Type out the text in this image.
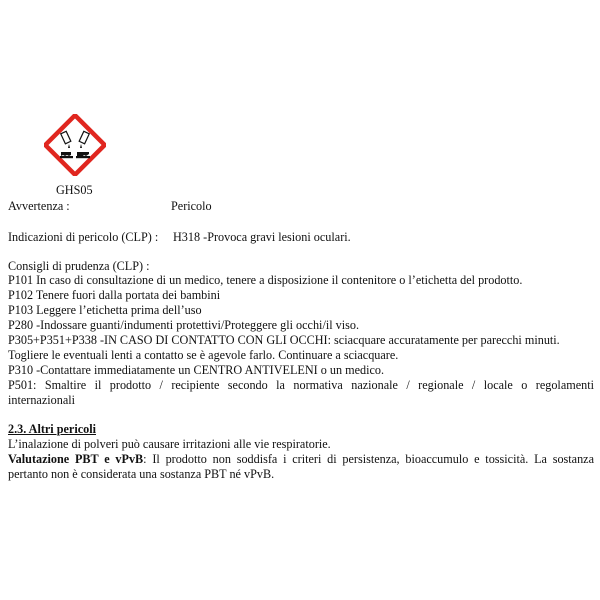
GHS05
Avvertenza :	Pericolo
Indicazioni di pericolo (CLP) : H318 -Provoca gravi lesioni oculari.
Consigli di prudenza (CLP) :
P101 In caso di consultazione di un medico, tenere a disposizione il contenitore o l’etichetta del prodotto.
P102 Tenere fuori dalla portata dei bambini
P103 Leggere l’etichetta prima dell’uso
P280 -Indossare guanti/indumenti protettivi/Proteggere gli occhi/il viso.
P305+P351+P338 -IN CASO DI CONTATTO CON GLI OCCHI: sciacquare accuratamente per parecchi minuti.
Togliere le eventuali lenti a contatto se è agevole farlo. Continuare a sciacquare.
P310 -Contattare immediatamente un CENTRO ANTIVELENI o un medico.
P501: Smaltire il prodotto / recipiente secondo la normativa nazionale / regionale / locale o regolamenti
internazionali
2.3. Altri pericoli
L’inalazione di polveri può causare irritazioni alle vie respiratorie.
Valutazione PBT e vPvB: Il prodotto non soddisfa i criteri di persistenza, bioaccumulo e tossicità. La sostanza
pertanto non è considerata una sostanza PBT né vPvB.
